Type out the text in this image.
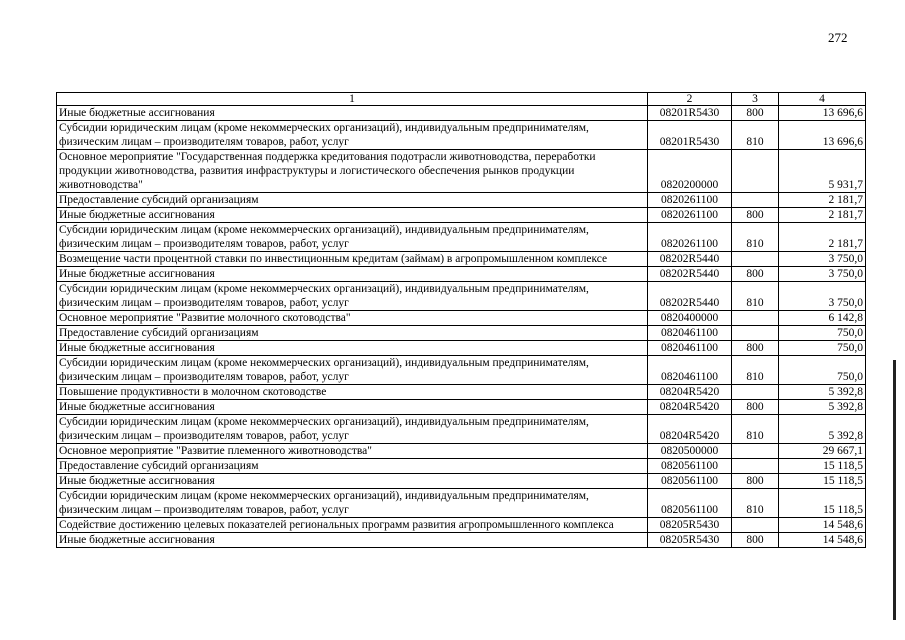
272
1	2	3	4
Иные бюджетные ассигнования	08201R5430	800	13 696,6
Субсидии юридическим лицам (кроме некоммерческих организаций), индивидуальным предпринимателям, физическим лицам – производителям товаров, работ, услуг	08201R5430	810	13 696,6
Основное мероприятие "Государственная поддержка кредитования подотрасли животноводства, переработки продукции животноводства, развития инфраструктуры и логистического обеспечения рынков продукции животноводства"	0820200000		5 931,7
Предоставление субсидий организациям	0820261100		2 181,7
Иные бюджетные ассигнования	0820261100	800	2 181,7
Субсидии юридическим лицам (кроме некоммерческих организаций), индивидуальным предпринимателям, физическим лицам – производителям товаров, работ, услуг	0820261100	810	2 181,7
Возмещение части процентной ставки по инвестиционным кредитам (займам) в агропромышленном комплексе	08202R5440		3 750,0
Иные бюджетные ассигнования	08202R5440	800	3 750,0
Субсидии юридическим лицам (кроме некоммерческих организаций), индивидуальным предпринимателям, физическим лицам – производителям товаров, работ, услуг	08202R5440	810	3 750,0
Основное мероприятие "Развитие молочного скотоводства"	0820400000		6 142,8
Предоставление субсидий организациям	0820461100		750,0
Иные бюджетные ассигнования	0820461100	800	750,0
Субсидии юридическим лицам (кроме некоммерческих организаций), индивидуальным предпринимателям, физическим лицам – производителям товаров, работ, услуг	0820461100	810	750,0
Повышение продуктивности в молочном скотоводстве	08204R5420		5 392,8
Иные бюджетные ассигнования	08204R5420	800	5 392,8
Субсидии юридическим лицам (кроме некоммерческих организаций), индивидуальным предпринимателям, физическим лицам – производителям товаров, работ, услуг	08204R5420	810	5 392,8
Основное мероприятие "Развитие племенного животноводства"	0820500000		29 667,1
Предоставление субсидий организациям	0820561100		15 118,5
Иные бюджетные ассигнования	0820561100	800	15 118,5
Субсидии юридическим лицам (кроме некоммерческих организаций), индивидуальным предпринимателям, физическим лицам – производителям товаров, работ, услуг	0820561100	810	15 118,5
Содействие достижению целевых показателей региональных программ развития агропромышленного комплекса	08205R5430		14 548,6
Иные бюджетные ассигнования	08205R5430	800	14 548,6
